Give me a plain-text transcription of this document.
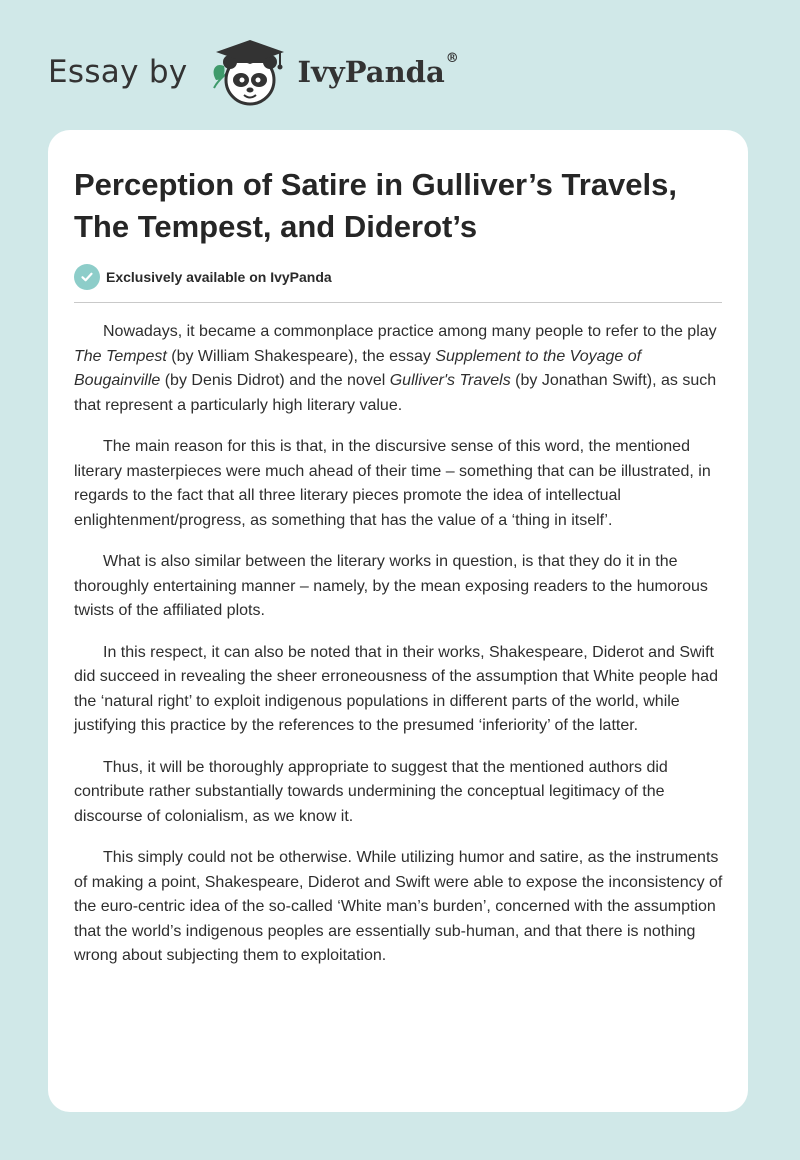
Essay by	IvyPanda®
Perception of Satire in Gulliver’s Travels, The Tempest, and Diderot’s
Exclusively available on IvyPanda

Nowadays, it became a commonplace practice among many people to refer to the play The Tempest (by William Shakespeare), the essay Supplement to the Voyage of Bougainville (by Denis Didrot) and the novel Gulliver's Travels (by Jonathan Swift), as such that represent a particularly high literary value.

The main reason for this is that, in the discursive sense of this word, the mentioned literary masterpieces were much ahead of their time – something that can be illustrated, in regards to the fact that all three literary pieces promote the idea of intellectual enlightenment/progress, as something that has the value of a ‘thing in itself’.

What is also similar between the literary works in question, is that they do it in the thoroughly entertaining manner – namely, by the mean exposing readers to the humorous twists of the affiliated plots.

In this respect, it can also be noted that in their works, Shakespeare, Diderot and Swift did succeed in revealing the sheer erroneousness of the assumption that White people had the ‘natural right’ to exploit indigenous populations in different parts of the world, while justifying this practice by the references to the presumed ‘inferiority’ of the latter.

Thus, it will be thoroughly appropriate to suggest that the mentioned authors did contribute rather substantially towards undermining the conceptual legitimacy of the discourse of colonialism, as we know it.

This simply could not be otherwise. While utilizing humor and satire, as the instruments of making a point, Shakespeare, Diderot and Swift were able to expose the inconsistency of the euro-centric idea of the so-called ‘White man’s burden’, concerned with the assumption that the world’s indigenous peoples are essentially sub-human, and that there is nothing wrong about subjecting them to exploitation.
